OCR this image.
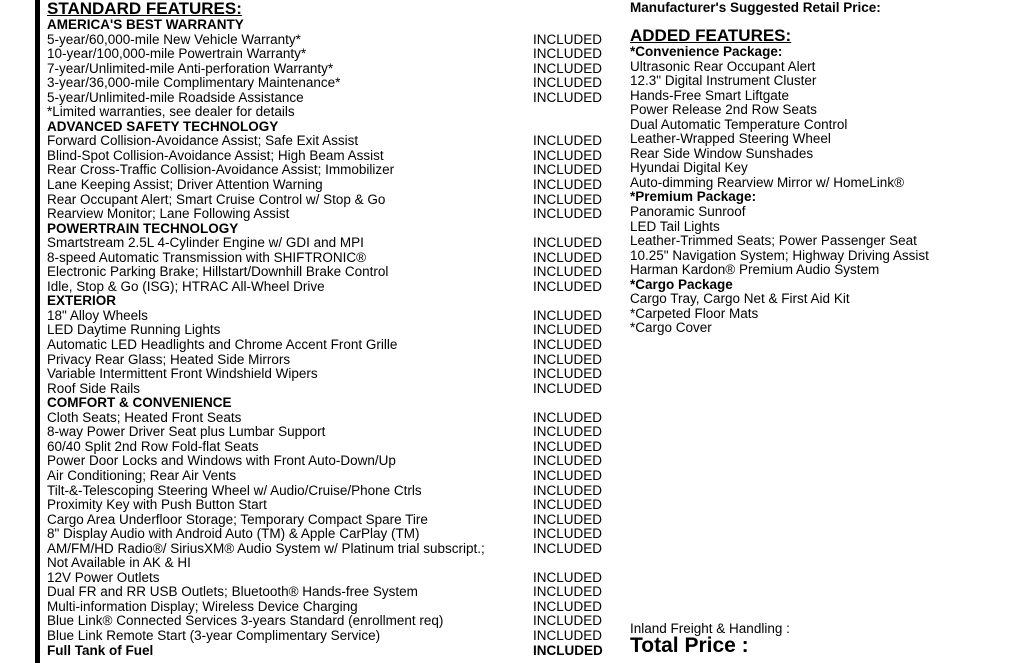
STANDARD FEATURES:
AMERICA'S BEST WARRANTY
5-year/60,000-mile New Vehicle Warranty*	INCLUDED
10-year/100,000-mile Powertrain Warranty*	INCLUDED
7-year/Unlimited-mile Anti-perforation Warranty*	INCLUDED
3-year/36,000-mile Complimentary Maintenance*	INCLUDED
5-year/Unlimited-mile Roadside Assistance	INCLUDED
*Limited warranties, see dealer for details
ADVANCED SAFETY TECHNOLOGY
Forward Collision-Avoidance Assist; Safe Exit Assist	INCLUDED
Blind-Spot Collision-Avoidance Assist; High Beam Assist	INCLUDED
Rear Cross-Traffic Collision-Avoidance Assist; Immobilizer	INCLUDED
Lane Keeping Assist; Driver Attention Warning	INCLUDED
Rear Occupant Alert; Smart Cruise Control w/ Stop & Go	INCLUDED
Rearview Monitor; Lane Following Assist	INCLUDED
POWERTRAIN TECHNOLOGY
Smartstream 2.5L 4-Cylinder Engine w/ GDI and MPI	INCLUDED
8-speed Automatic Transmission with SHIFTRONIC®	INCLUDED
Electronic Parking Brake; Hillstart/Downhill Brake Control	INCLUDED
Idle, Stop & Go (ISG); HTRAC All-Wheel Drive	INCLUDED
EXTERIOR
18" Alloy Wheels	INCLUDED
LED Daytime Running Lights	INCLUDED
Automatic LED Headlights and Chrome Accent Front Grille	INCLUDED
Privacy Rear Glass; Heated Side Mirrors	INCLUDED
Variable Intermittent Front Windshield Wipers	INCLUDED
Roof Side Rails	INCLUDED
COMFORT & CONVENIENCE
Cloth Seats; Heated Front Seats	INCLUDED
8-way Power Driver Seat plus Lumbar Support	INCLUDED
60/40 Split 2nd Row Fold-flat Seats	INCLUDED
Power Door Locks and Windows with Front Auto-Down/Up	INCLUDED
Air Conditioning; Rear Air Vents	INCLUDED
Tilt-&-Telescoping Steering Wheel w/ Audio/Cruise/Phone Ctrls	INCLUDED
Proximity Key with Push Button Start	INCLUDED
Cargo Area Underfloor Storage; Temporary Compact Spare Tire	INCLUDED
8" Display Audio with Android Auto (TM) & Apple CarPlay (TM)	INCLUDED
AM/FM/HD Radio®/ SiriusXM® Audio System w/ Platinum trial subscript.;	INCLUDED
Not Available in AK & HI
12V Power Outlets	INCLUDED
Dual FR and RR USB Outlets; Bluetooth® Hands-free System	INCLUDED
Multi-information Display; Wireless Device Charging	INCLUDED
Blue Link® Connected Services 3-years Standard (enrollment req)	INCLUDED
Blue Link Remote Start (3-year Complimentary Service)	INCLUDED
Full Tank of Fuel	INCLUDED
Manufacturer's Suggested Retail Price:
ADDED FEATURES:
*Convenience Package:
Ultrasonic Rear Occupant Alert
12.3" Digital Instrument Cluster
Hands-Free Smart Liftgate
Power Release 2nd Row Seats
Dual Automatic Temperature Control
Leather-Wrapped Steering Wheel
Rear Side Window Sunshades
Hyundai Digital Key
Auto-dimming Rearview Mirror w/ HomeLink®
*Premium Package:
Panoramic Sunroof
LED Tail Lights
Leather-Trimmed Seats; Power Passenger Seat
10.25" Navigation System; Highway Driving Assist
Harman Kardon® Premium Audio System
*Cargo Package
Cargo Tray, Cargo Net & First Aid Kit
*Carpeted Floor Mats
*Cargo Cover
Inland Freight & Handling :
Total Price :
